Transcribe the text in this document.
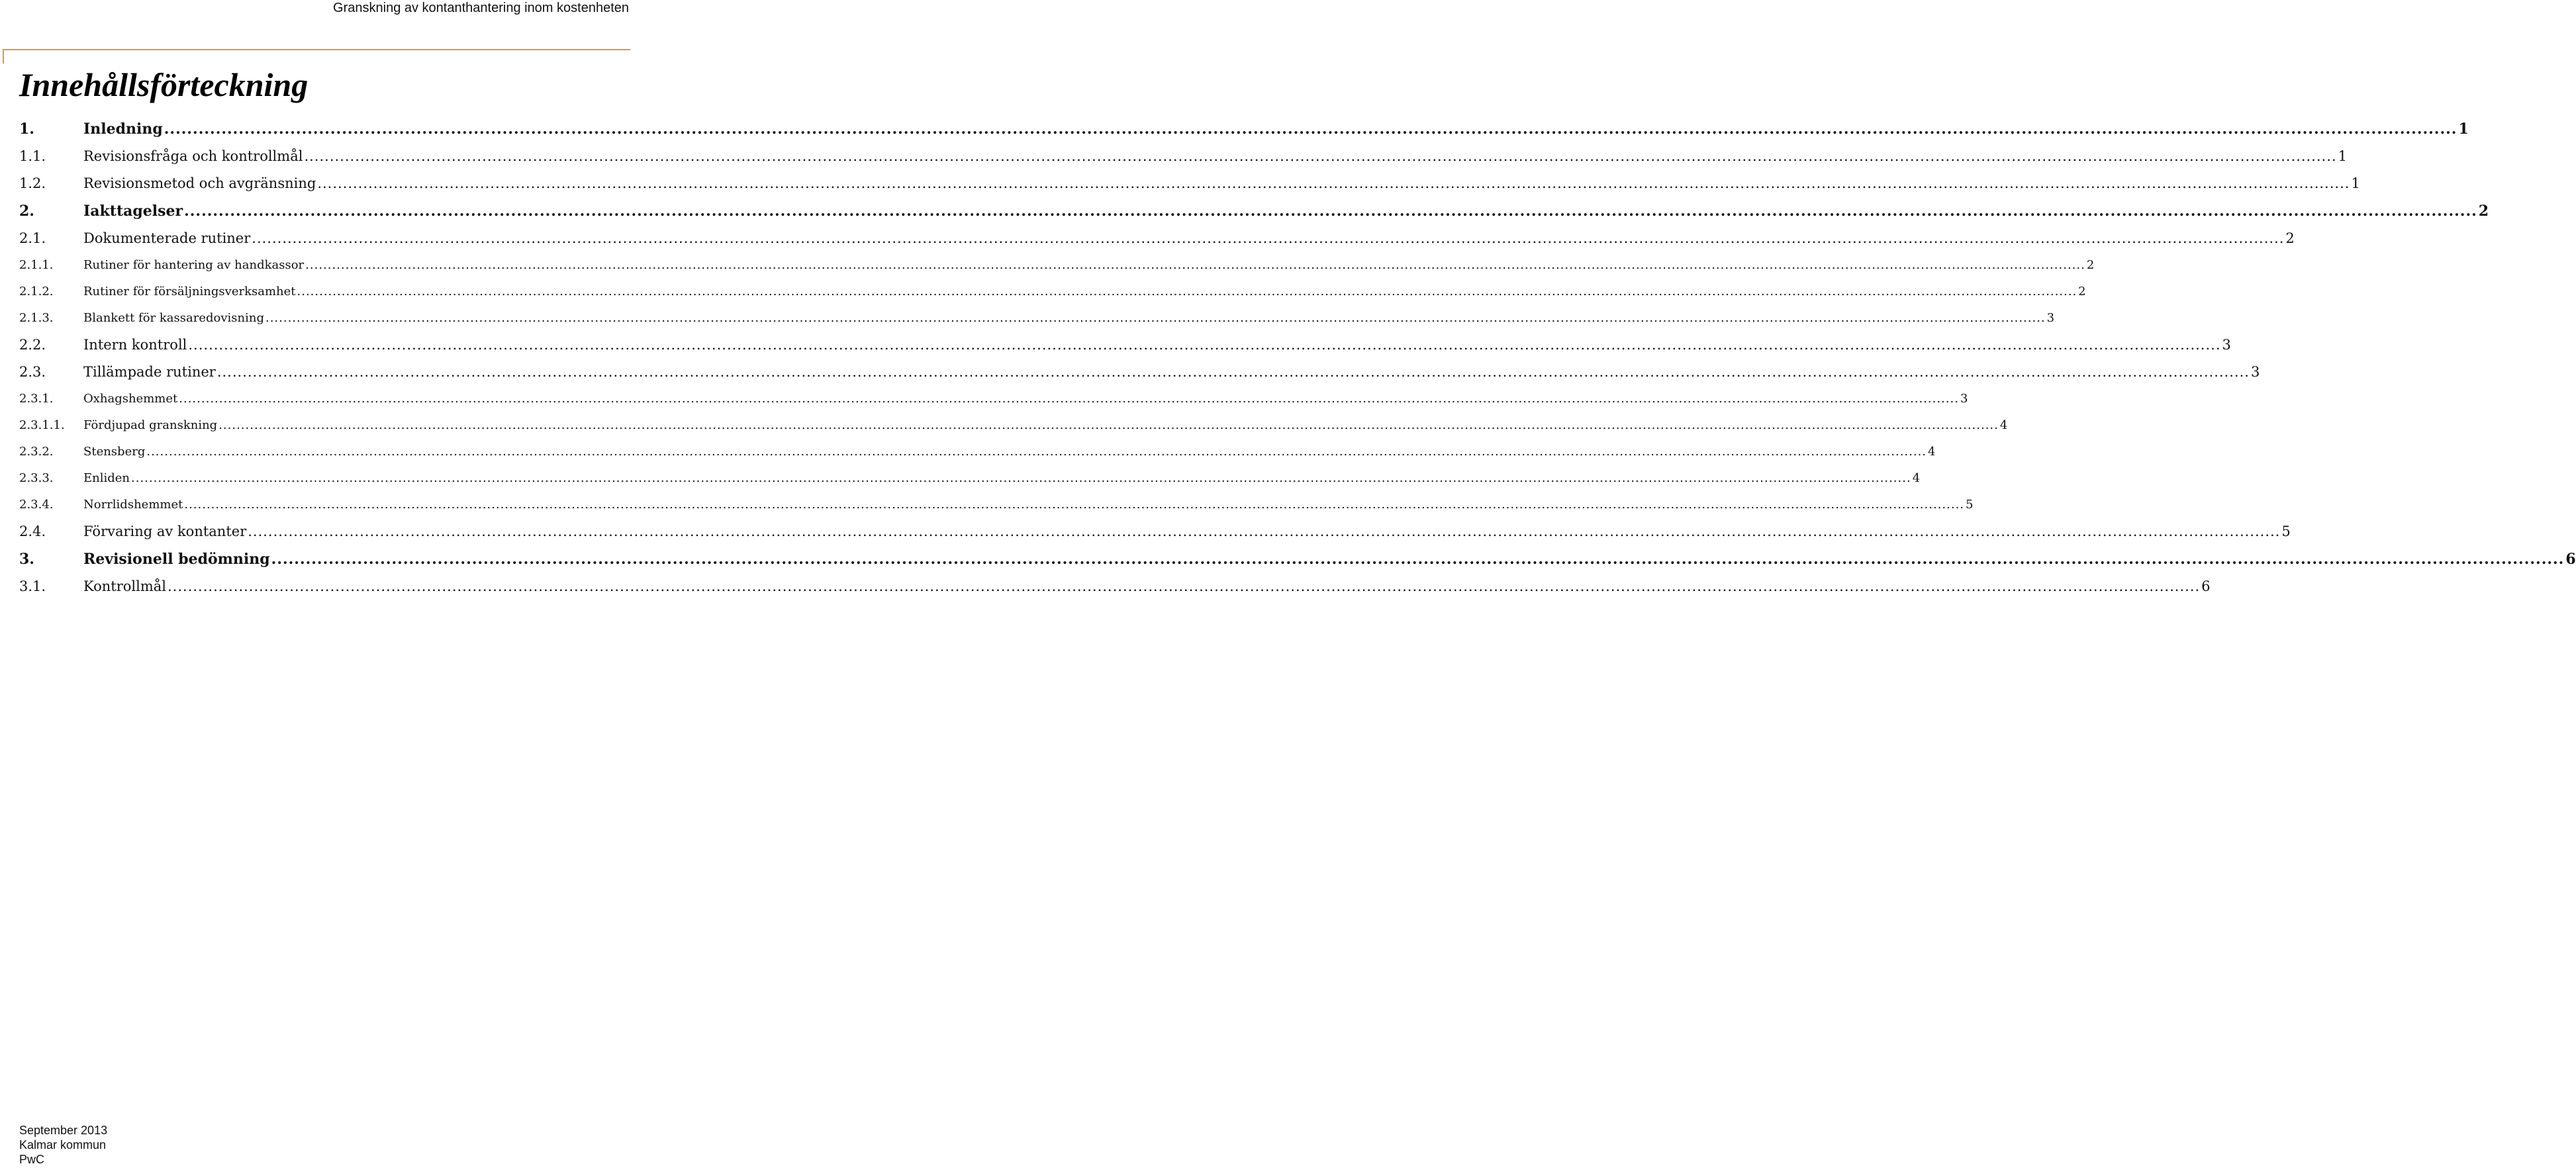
Granskning av kontanthantering inom kostenheten
Innehållsförteckning
1.	Inledning ................................................................................................................................................................................................................................................................................................................................................................................................................ 1
1.1.	Revisionsfråga och kontrollmål ................................................................................................................................................................................................................................................................................................................................................................................................................ 1
1.2.	Revisionsmetod och avgränsning ................................................................................................................................................................................................................................................................................................................................................................................................................ 1
2.	Iakttagelser ................................................................................................................................................................................................................................................................................................................................................................................................................ 2
2.1.	Dokumenterade rutiner ................................................................................................................................................................................................................................................................................................................................................................................................................ 2
2.1.1.	Rutiner för hantering av handkassor ................................................................................................................................................................................................................................................................................................................................................................................................................ 2
2.1.2.	Rutiner för försäljningsverksamhet ................................................................................................................................................................................................................................................................................................................................................................................................................ 2
2.1.3.	Blankett för kassaredovisning ................................................................................................................................................................................................................................................................................................................................................................................................................ 3
2.2.	Intern kontroll ................................................................................................................................................................................................................................................................................................................................................................................................................ 3
2.3.	Tillämpade rutiner ................................................................................................................................................................................................................................................................................................................................................................................................................ 3
2.3.1.	Oxhagshemmet ................................................................................................................................................................................................................................................................................................................................................................................................................ 3
2.3.1.1.	Fördjupad granskning ................................................................................................................................................................................................................................................................................................................................................................................................................ 4
2.3.2.	Stensberg ................................................................................................................................................................................................................................................................................................................................................................................................................ 4
2.3.3.	Enliden ................................................................................................................................................................................................................................................................................................................................................................................................................ 4
2.3.4.	Norrlidshemmet ................................................................................................................................................................................................................................................................................................................................................................................................................ 5
2.4.	Förvaring av kontanter ................................................................................................................................................................................................................................................................................................................................................................................................................ 5
3.	Revisionell bedömning ................................................................................................................................................................................................................................................................................................................................................................................................................ 6
3.1.	Kontrollmål ................................................................................................................................................................................................................................................................................................................................................................................................................ 6
September 2013
Kalmar kommun
PwC
